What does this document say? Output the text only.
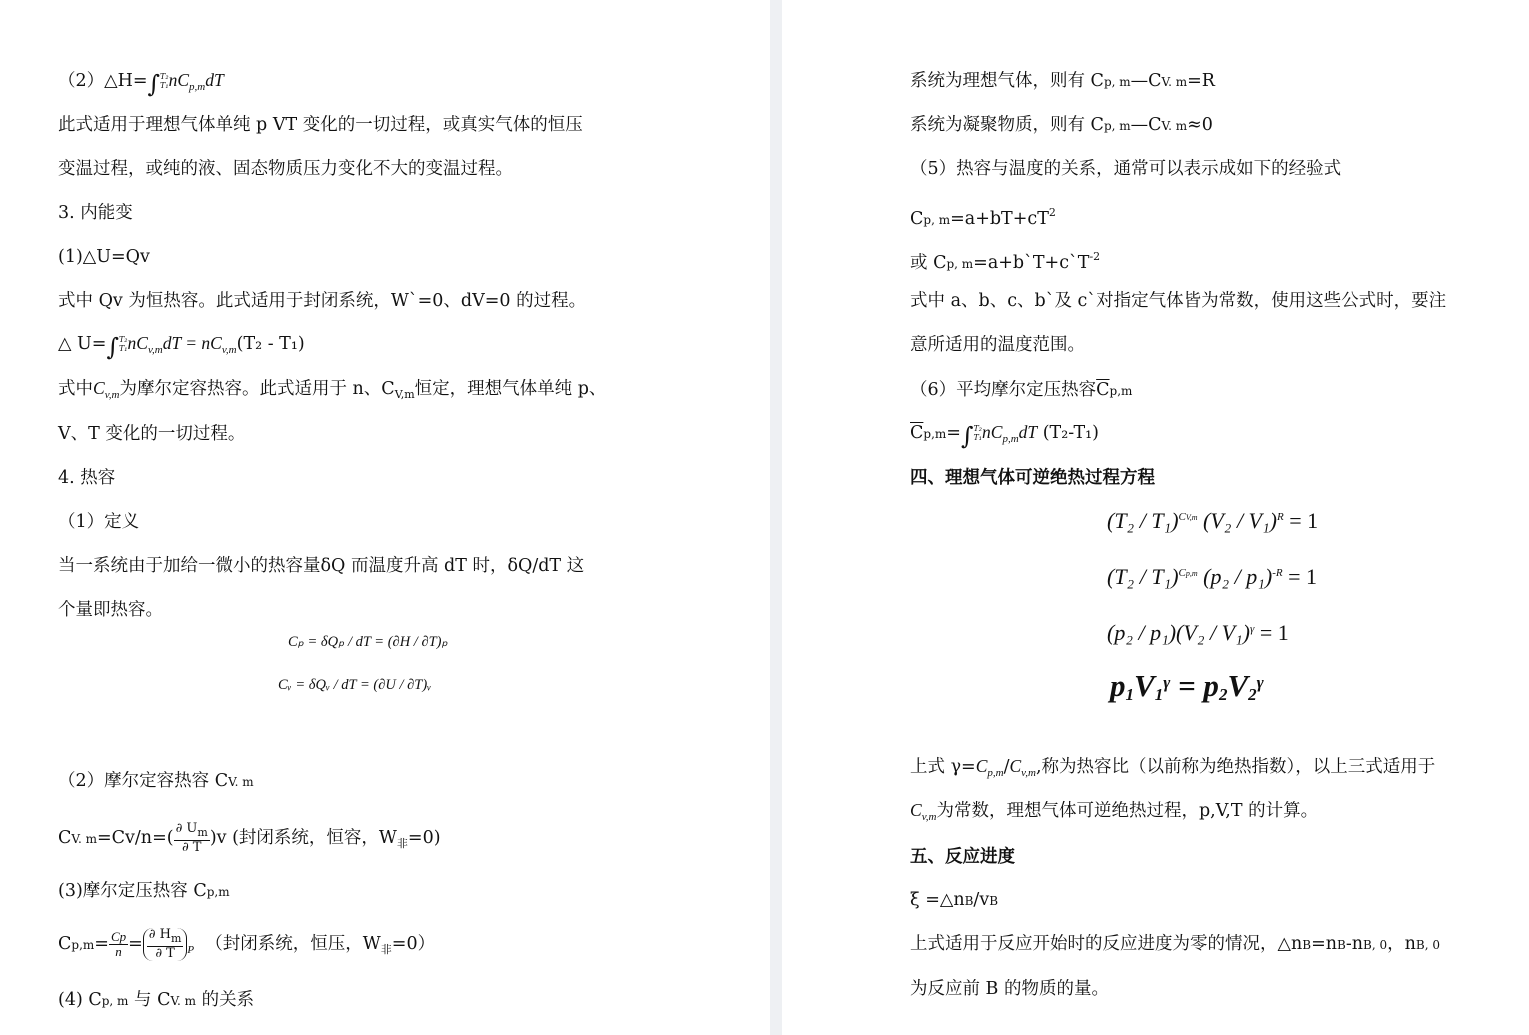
（2）△H=∫ T₂
T₁ $nC_{p,m}dT$
此式适用于理想气体单纯 p VT 变化的一切过程，或真实气体的恒压
变温过程，或纯的液、固态物质压力变化不大的变温过程。
3. 内能变
(1)△U=Qv
式中 Qv 为恒热容。此式适用于封闭系统，W`=0、dV=0 的过程。
△ U=∫ T₂
T₁ $nC_{v,m}dT = nC_{v,m}(T_2 - T_1)$
式中$C_{v,m}$为摩尔定容热容。此式适用于 n、$C_{V,m}$恒定，理想气体单纯 p、
V、T 变化的一切过程。
4. 热容
（1）定义
当一系统由于加给一微小的热容量δQ 而温度升高 dT 时，δQ/dT 这
个量即热容。
Cₚ = δQₚ / dT = (∂H / ∂T)ₚ
Cᵥ = δQᵥ / dT = (∂U / ∂T)ᵥ
（2）摩尔定容热容 CV. m
CV. $m=Cv/n=( \frac{\partial U_m}{\partial T} )v$ (封闭系统，恒容，$W_非=0$)
(3)摩尔定压热容 Cp,m
$Cp,m= \frac{Cp}{n} = \frac{\partial H_m}{\partial T} _P$ （封闭系统，恒压，$W_非=0$）
(4) Cp, m 与 CV. m 的关系
系统为理想气体，则有 Cp, m—CV. m=R
系统为凝聚物质，则有 Cp, m—CV. m≈0
（5）热容与温度的关系，通常可以表示成如下的经验式
Cp, $m=a+bT+cT^2$
或 Cp, $m=a+b`T+c`T^{-2}$
式中 a、b、c、b`及 c`对指定气体皆为常数，使用这些公式时，要注
意所适用的温度范围。
（6）平均摩尔定压热容$\overline{C}p,m$
$\overline{C}p,m=\int$ T₂
T₁ $nC_{p,m}dT$ (T₂-T₁)
四、理想气体可逆绝热过程方程
(T₂ / T₁)$^{CV,m}$ (V₂ / V₁)$^R$ = 1
(T₂ / T₁)$^{Cp,m}$ (p₂ / p₁)$^{-R}$ = 1
(p₂ / p₁)(V₂ / V₁)$^\gamma$ = 1
$p_1V_1^\gamma = p_2V_2^\gamma$
上式 $\gamma=C_{p,m}/C_{v,m}$,称为热容比（以前称为绝热指数），以上三式适用于
$C_{v,m}$为常数，理想气体可逆绝热过程，p,V,T 的计算。
五、反应进度
ξ =△nB/vB
上式适用于反应开始时的反应进度为零的情况，△nB=nB-nB, 0，nB, 0
为反应前 B 的物质的量。
